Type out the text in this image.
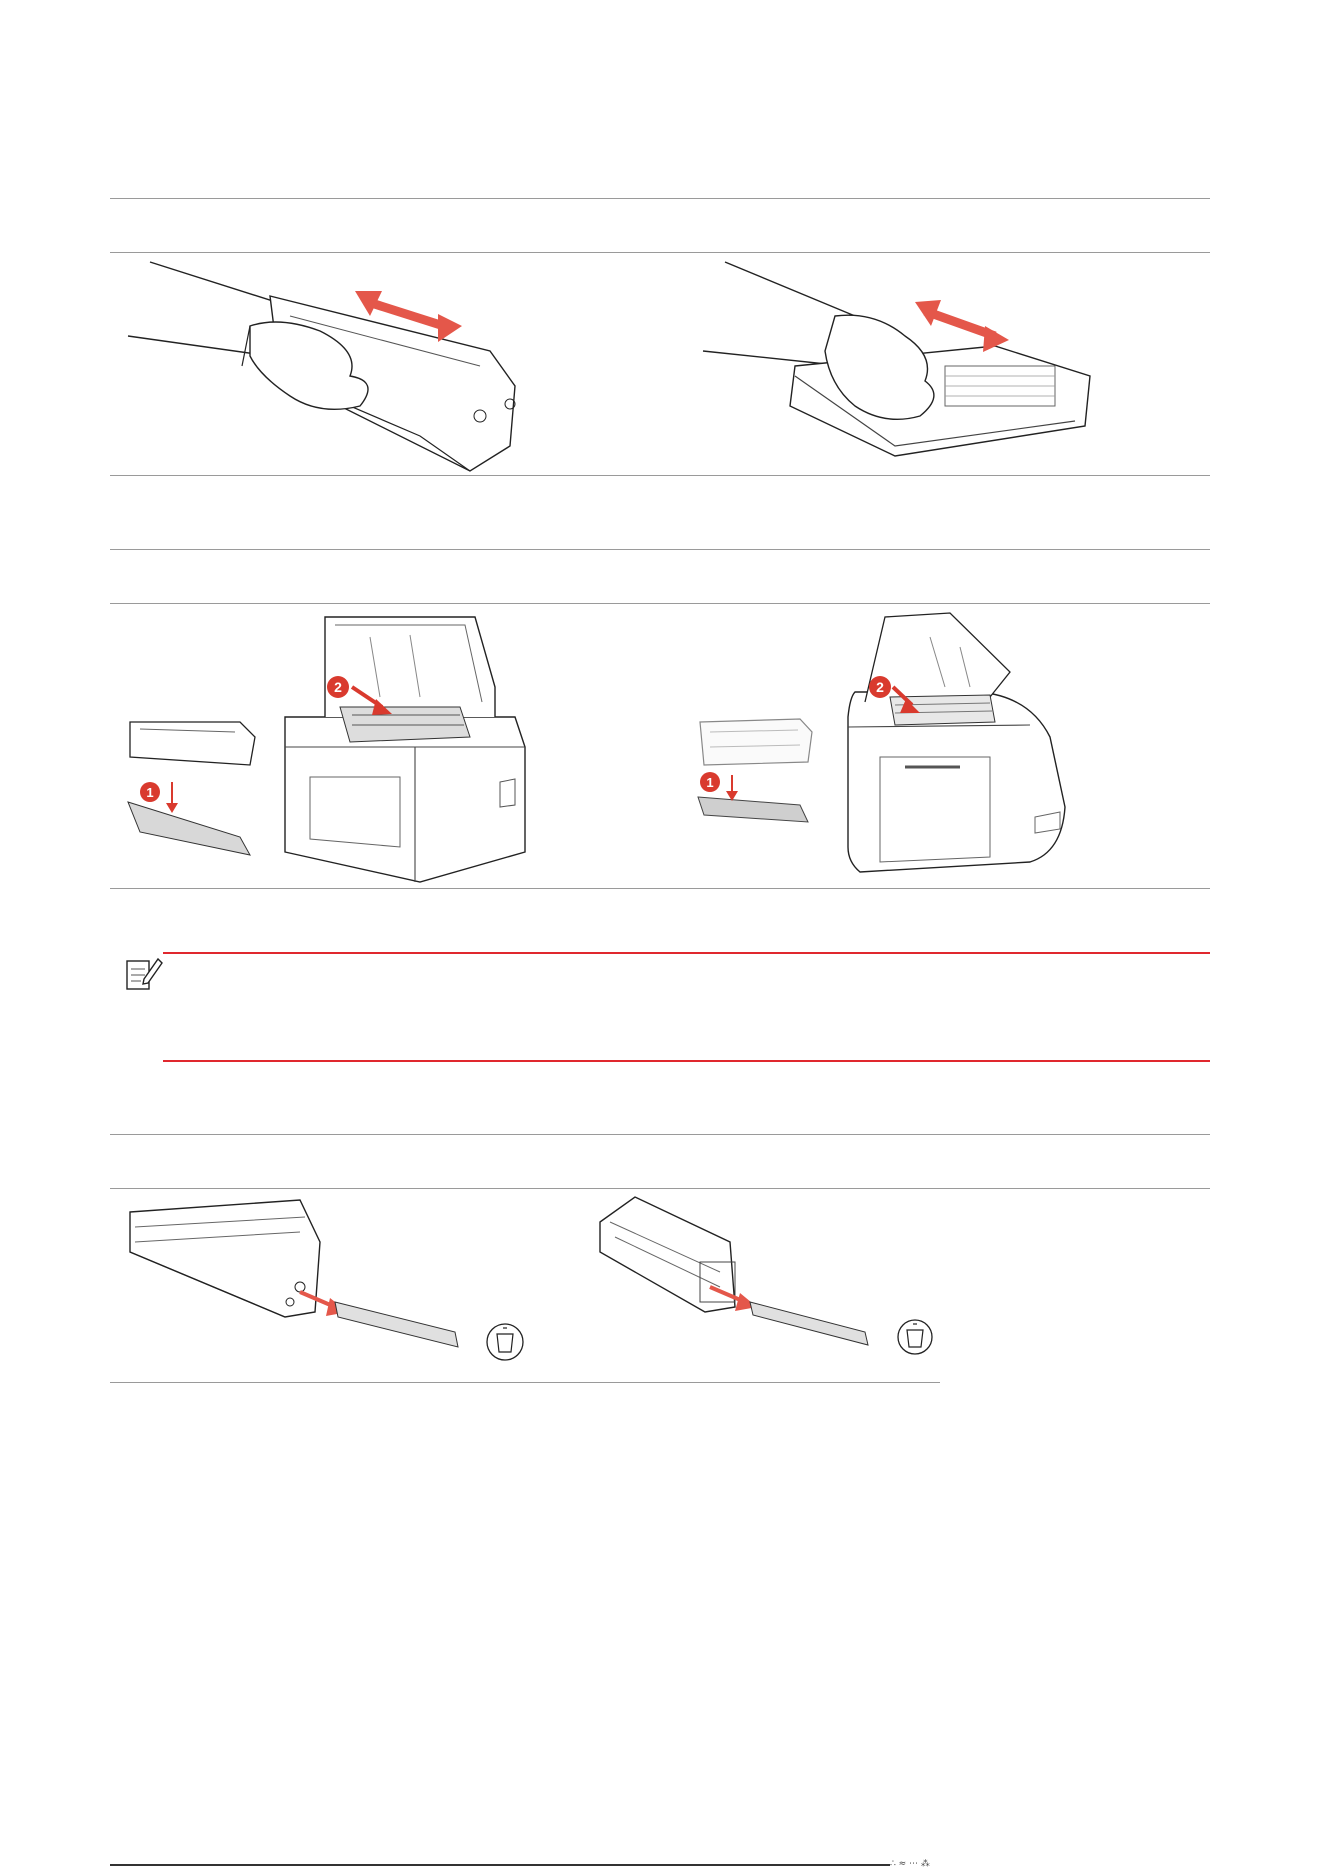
1
2
1
2
∴ ≈ ⋯ ⁂
